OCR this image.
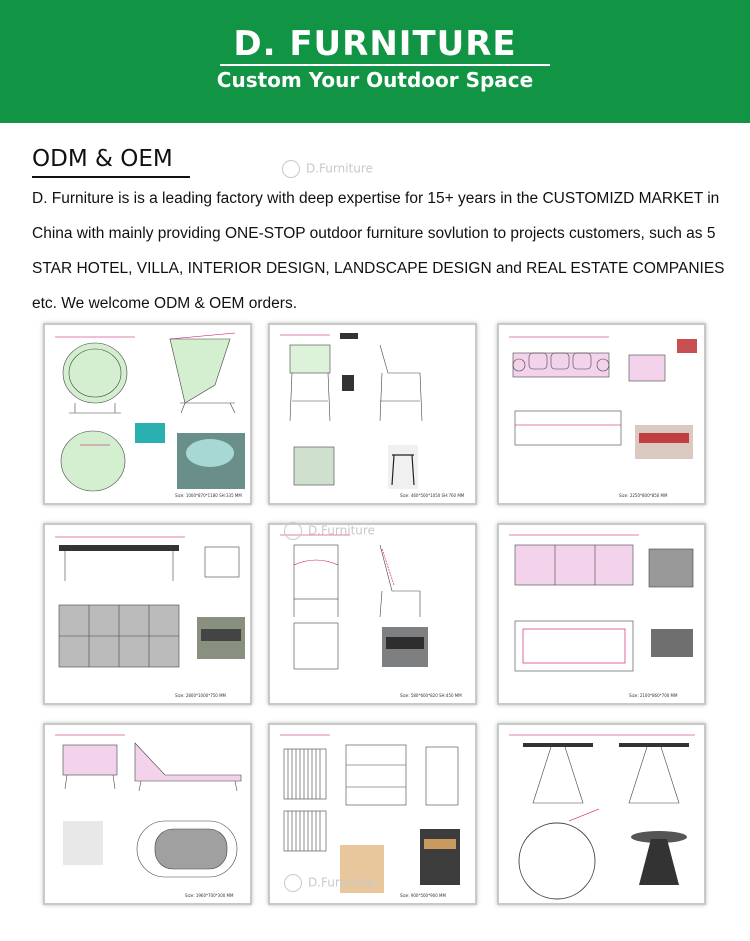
D. FURNITURE
Custom Your Outdoor Space
ODM & OEM
D. Furniture is is a leading factory with deep expertise for 15+ years in the CUSTOMIZD MARKET in China with mainly providing ONE-STOP outdoor furniture sovlution to projects customers, such as 5 STAR HOTEL, VILLA, INTERIOR DESIGN, LANDSCAPE DESIGN and REAL ESTATE COMPANIES etc. We welcome ODM & OEM orders.
D.Furniture
Size: 1000*870*1180 SH:335 MM	Size: 460*500*1050 SH:760 MM	Size: 2250*800*850 MM
Size: 2800*1000*750 MM	Size: 580*600*820 SH:450 MM	Size: 2100*860*700 MM
Size: 1960*700*300 MM	Size: 900*500*900 MM
D.Furniture
D.Furniture
